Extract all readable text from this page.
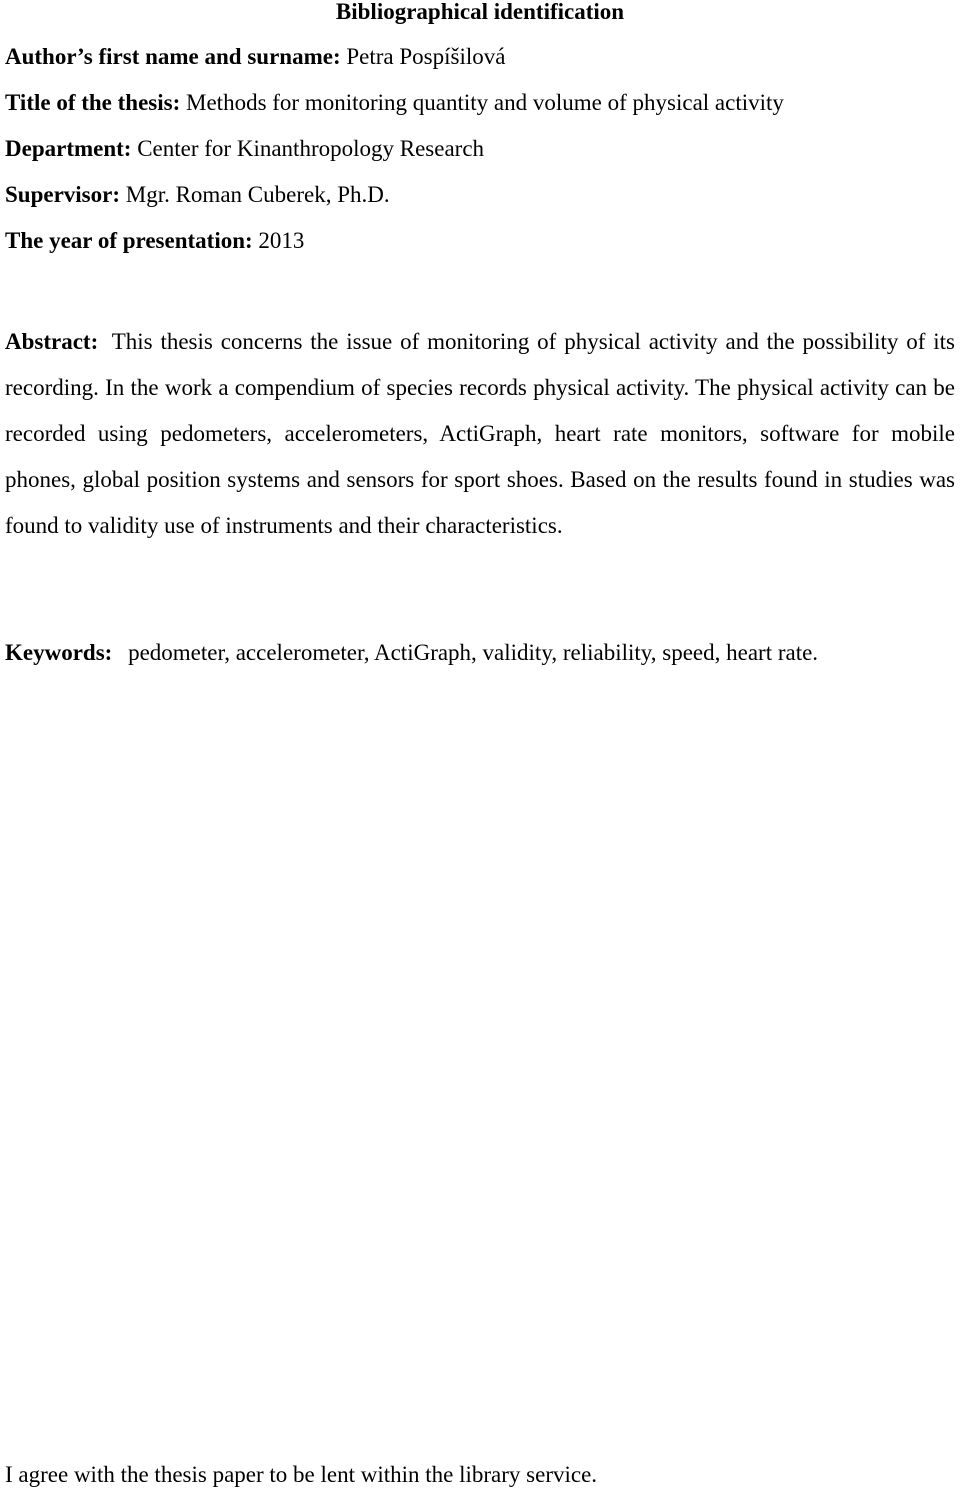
Bibliographical identification
Author’s first name and surname: Petra Pospíšilová
Title of the thesis: Methods for monitoring quantity and volume of physical activity
Department: Center for Kinanthropology Research
Supervisor: Mgr. Roman Cuberek, Ph.D.
The year of presentation: 2013

Abstract: This thesis concerns the issue of monitoring of physical activity and the possibility of its recording. In the work a compendium of species records physical activity. The physical activity can be recorded using pedometers, accelerometers, ActiGraph, heart rate monitors, software for mobile phones, global position systems and sensors for sport shoes. Based on the results found in studies was found to validity use of instruments and their characteristics.

Keywords: pedometer, accelerometer, ActiGraph, validity, reliability, speed, heart rate.
I agree with the thesis paper to be lent within the library service.
